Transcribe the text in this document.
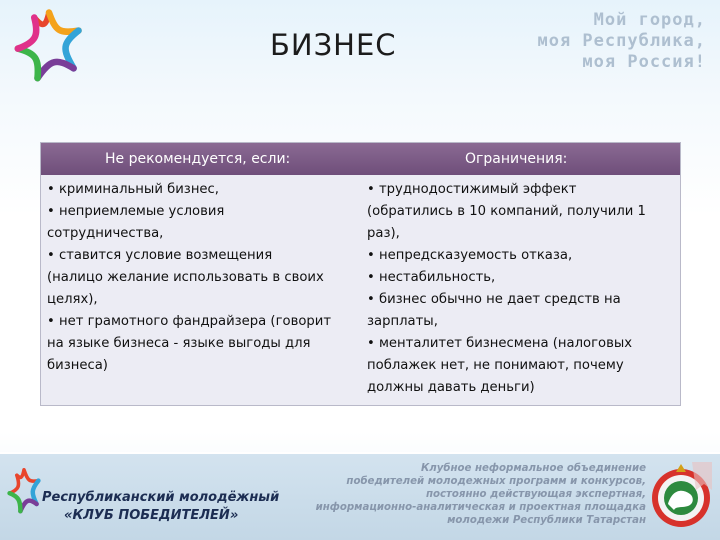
БИЗНЕС
Мой город,
моя Республика,
моя Россия!
Не рекомендуется, если:	Ограничения:
• криминальный бизнес,
• неприемлемые условия
сотрудничества,
• ставится условие возмещения
(налицо желание использовать в своих
целях),
• нет грамотного фандрайзера (говорит
на языке бизнеса - языке выгоды для
бизнеса)
• труднодостижимый эффект
(обратились в 10 компаний, получили 1
раз),
• непредсказуемость отказа,
• нестабильность,
• бизнес обычно не дает средств на
зарплаты,
• менталитет бизнесмена (налоговых
поблажек нет, не понимают, почему
должны давать деньги)
Республиканский молодёжный
«КЛУБ ПОБЕДИТЕЛЕЙ»
Клубное неформальное объединение
победителей молодежных программ и конкурсов,
постоянно действующая экспертная,
информационно-аналитическая и проектная площадка
молодежи Республики Татарстан
